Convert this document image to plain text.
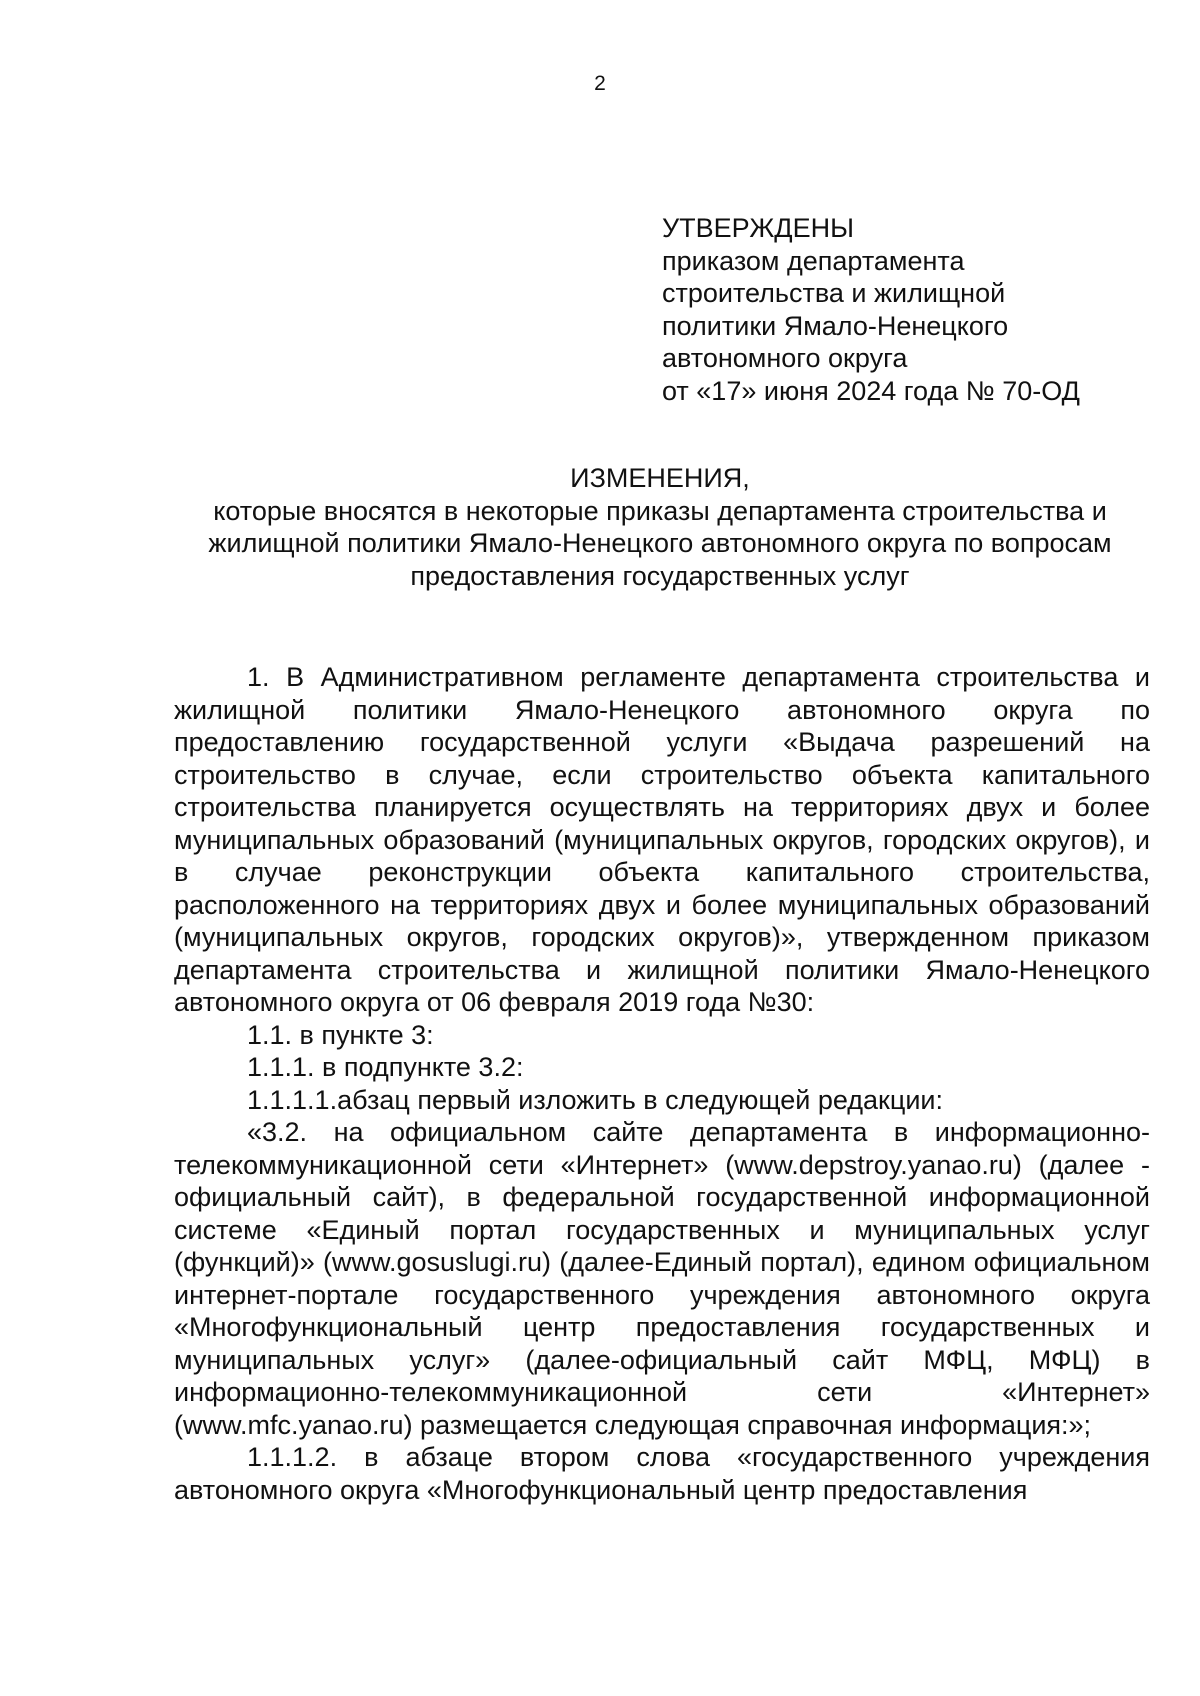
2
УТВЕРЖДЕНЫ
приказом департамента
строительства и жилищной
политики Ямало-Ненецкого
автономного округа
от «17» июня 2024 года № 70-ОД
ИЗМЕНЕНИЯ,
которые вносятся в некоторые приказы департамента строительства и жилищной политики Ямало-Ненецкого автономного округа по вопросам предоставления государственных услуг

1. В Административном регламенте департамента строительства и жилищной политики Ямало-Ненецкого автономного округа по предоставлению государственной услуги «Выдача разрешений на строительство в случае, если строительство объекта капитального строительства планируется осуществлять на территориях двух и более муниципальных образований (муниципальных округов, городских округов), и в случае реконструкции объекта капитального строительства, расположенного на территориях двух и более муниципальных образований (муниципальных округов, городских округов)», утвержденном приказом департамента строительства и жилищной политики Ямало-Ненецкого автономного округа от 06 февраля 2019 года №30:

1.1. в пункте 3:

1.1.1. в подпункте 3.2:

1.1.1.1.абзац первый изложить в следующей редакции:

«3.2. на официальном сайте департамента в информационно-телекоммуникационной сети «Интернет» (www.depstroy.yanao.ru) (далее - официальный сайт), в федеральной государственной информационной системе «Единый портал государственных и муниципальных услуг (функций)» (www.gosuslugi.ru) (далее-Единый портал), едином официальном интернет-портале государственного учреждения автономного округа «Многофункциональный центр предоставления государственных и муниципальных услуг» (далее-официальный сайт МФЦ, МФЦ) в информационно-телекоммуникационной сети «Интернет» (www.mfc.yanao.ru) размещается следующая справочная информация:»;

1.1.1.2. в абзаце втором слова «государственного учреждения автономного округа «Многофункциональный центр предоставления
